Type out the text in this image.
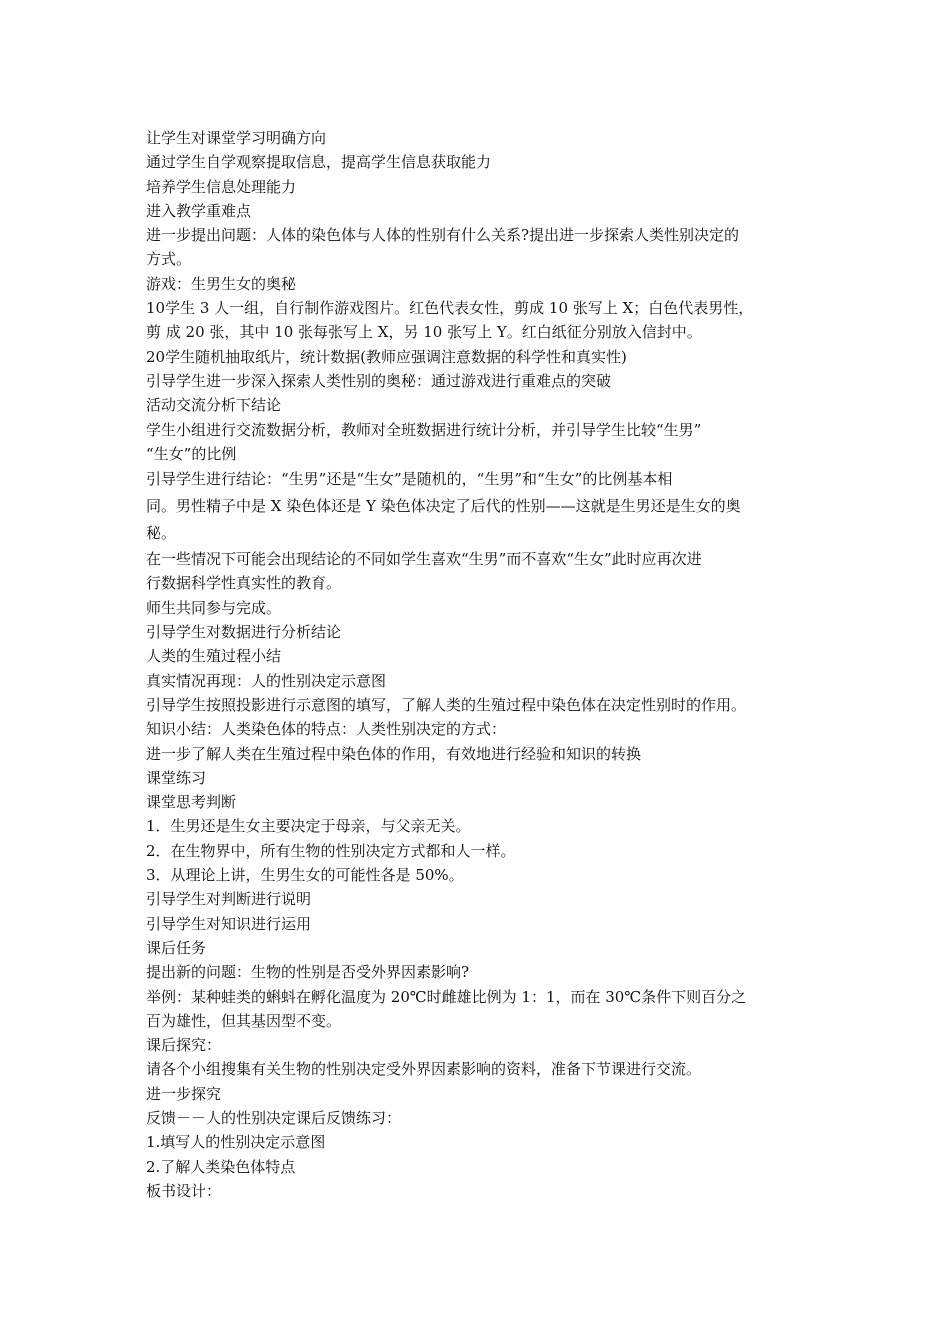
让学生对课堂学习明确方向
通过学生自学观察提取信息，提高学生信息获取能力
培养学生信息处理能力
进入教学重难点
进一步提出问题：人体的染色体与人体的性别有什么关系?提出进一步探索人类性别决定的
方式。
游戏：生男生女的奥秘
10学生 3 人一组，自行制作游戏图片。红色代表女性，剪成 10 张写上 X；白色代表男性，
剪 成 20 张，其中 10 张每张写上 X，另 10 张写上 Y。红白纸征分别放入信封中。
20学生随机抽取纸片，统计数据(教师应强调注意数据的科学性和真实性)
引导学生进一步深入探索人类性别的奥秘：通过游戏进行重难点的突破
活动交流分析下结论
学生小组进行交流数据分析，教师对全班数据进行统计分析，并引导学生比较“生男”
“生女”的比例
引导学生进行结论：“生男”还是“生女”是随机的，“生男”和“生女”的比例基本相
同。男性精子中是 X 染色体还是 Y 染色体决定了后代的性别——这就是生男还是生女的奥
秘。
在一些情况下可能会出现结论的不同如学生喜欢“生男”而不喜欢“生女”此时应再次进
行数据科学性真实性的教育。
师生共同参与完成。
引导学生对数据进行分析结论
人类的生殖过程小结
真实情况再现：人的性别决定示意图
引导学生按照投影进行示意图的填写，了解人类的生殖过程中染色体在决定性别时的作用。
知识小结：人类染色体的特点：人类性别决定的方式：
进一步了解人类在生殖过程中染色体的作用，有效地进行经验和知识的转换
课堂练习
课堂思考判断
1．生男还是生女主要决定于母亲，与父亲无关。
2．在生物界中，所有生物的性别决定方式都和人一样。
3．从理论上讲，生男生女的可能性各是 50%。
引导学生对判断进行说明
引导学生对知识进行运用
课后任务
提出新的问题：生物的性别是否受外界因素影响?
举例：某种蛙类的蝌蚪在孵化温度为 20℃时雌雄比例为 1：1，而在 30℃条件下则百分之
百为雄性，但其基因型不变。
课后探究：
请各个小组搜集有关生物的性别决定受外界因素影响的资料，准备下节课进行交流。
进一步探究
反馈－－人的性别决定课后反馈练习：
1.填写人的性别决定示意图
2.了解人类染色体特点
板书设计：
